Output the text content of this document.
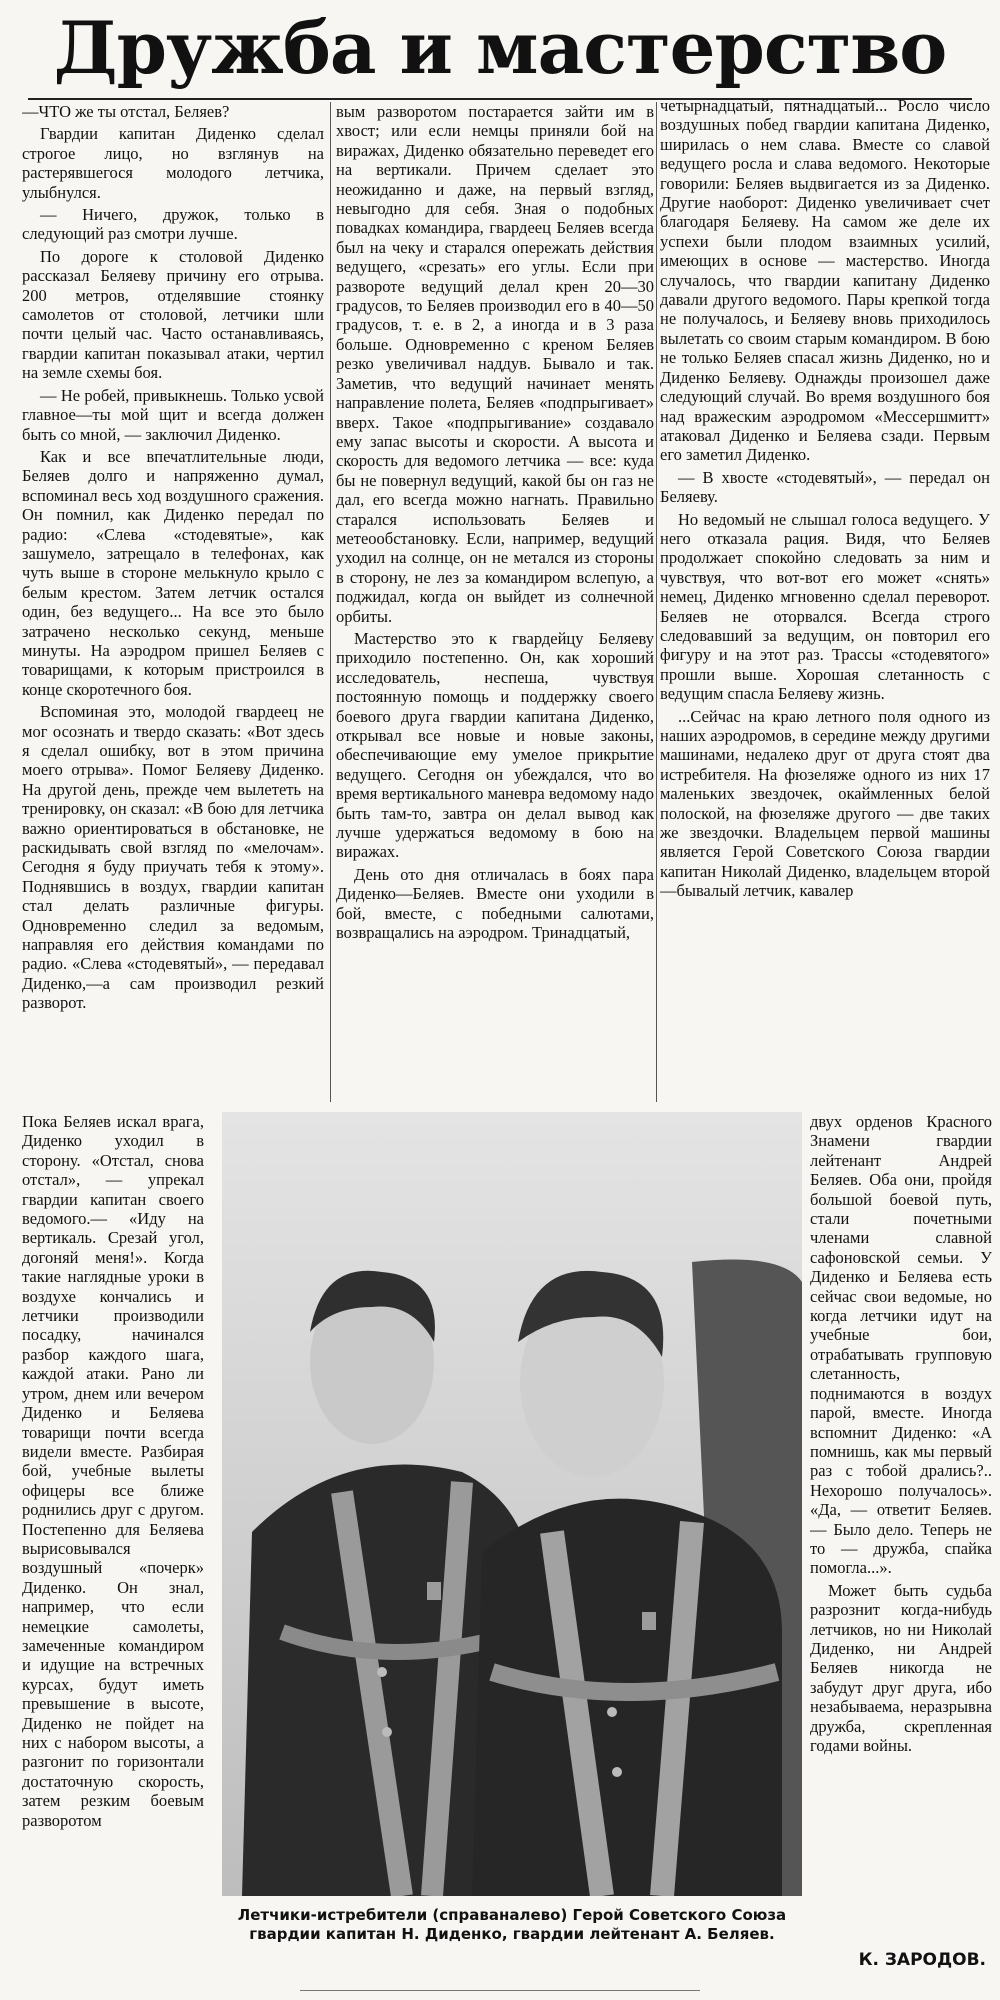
Дружба и мастерство

—ЧТО же ты отстал, Беляев?

Гвардии капитан Диденко сделал строгое лицо, но взглянув на растерявшегося молодого летчика, улыбнулся.

— Ничего, дружок, только в следующий раз смотри лучше.

По дороге к столовой Диденко рассказал Беляеву причину его отрыва. 200 метров, отделявшие стоянку самолетов от столовой, летчики шли почти целый час. Часто останавливаясь, гвардии капитан показывал атаки, чертил на земле схемы боя.

— Не робей, привыкнешь. Только усвой главное—ты мой щит и всегда должен быть со мной, — заключил Диденко.

Как и все впечатлительные люди, Беляев долго и напряженно думал, вспоминал весь ход воздушного сражения. Он помнил, как Диденко передал по радио: «Слева «стодевятые», как зашумело, затрещало в телефонах, как чуть выше в стороне мелькнуло крыло с белым крестом. Затем летчик остался один, без ведущего... На все это было затрачено несколько секунд, меньше минуты. На аэродром пришел Беляев с товарищами, к которым пристроился в конце скоротечного боя.

Вспоминая это, молодой гвардеец не мог осознать и твердо сказать: «Вот здесь я сделал ошибку, вот в этом причина моего отрыва». Помог Беляеву Диденко. На другой день, прежде чем вылететь на тренировку, он сказал: «В бою для летчика важно ориентироваться в обстановке, не раскидывать свой взгляд по «мелочам». Сегодня я буду приучать тебя к этому». Поднявшись в воздух, гвардии капитан стал делать различные фигуры. Одновременно следил за ведомым, направляя его действия командами по радио. «Слева «стодевятый», — передавал Диденко,—а сам производил резкий разворот.

Пока Беляев искал врага, Диденко уходил в сторону. «Отстал, снова отстал», — упрекал гвардии капитан своего ведомого.— «Иду на вертикаль. Срезай угол, догоняй меня!». Когда такие наглядные уроки в воздухе кончались и летчики производили посадку, начинался разбор каждого шага, каждой атаки. Рано ли утром, днем или вечером Диденко и Беляева товарищи почти всегда видели вместе. Разбирая бой, учебные вылеты офицеры все ближе роднились друг с другом. Постепенно для Беляева вырисовывался воздушный «почерк» Диденко. Он знал, например, что если немецкие самолеты, замеченные командиром и идущие на встречных курсах, будут иметь превышение в высоте, Диденко не пойдет на них с набором высоты, а разгонит по горизонтали достаточную скорость, затем резким боевым разворотом

вым разворотом постарается зайти им в хвост; или если немцы приняли бой на виражах, Диденко обязательно переведет его на вертикали. Причем сделает это неожиданно и даже, на первый взгляд, невыгодно для себя. Зная о подобных повадках командира, гвардеец Беляев всегда был на чеку и старался опережать действия ведущего, «срезать» его углы. Если при развороте ведущий делал крен 20—30 градусов, то Беляев производил его в 40—50 градусов, т. е. в 2, а иногда и в 3 раза больше. Одновременно с креном Беляев резко увеличивал наддув. Бывало и так. Заметив, что ведущий начинает менять направление полета, Беляев «подпрыгивает» вверх. Такое «подпрыгивание» создавало ему запас высоты и скорости. А высота и скорость для ведомого летчика — все: куда бы не повернул ведущий, какой бы он газ не дал, его всегда можно нагнать. Правильно старался использовать Беляев и метеообстановку. Если, например, ведущий уходил на солнце, он не метался из стороны в сторону, не лез за командиром вслепую, а поджидал, когда он выйдет из солнечной орбиты.

Мастерство это к гвардейцу Беляеву приходило постепенно. Он, как хороший исследователь, неспеша, чувствуя постоянную помощь и поддержку своего боевого друга гвардии капитана Диденко, открывал все новые и новые законы, обеспечивающие ему умелое прикрытие ведущего. Сегодня он убеждался, что во время вертикального маневра ведомому надо быть там-то, завтра он делал вывод как лучше удержаться ведомому в бою на виражах.

День ото дня отличалась в боях пара Диденко—Беляев. Вместе они уходили в бой, вместе, с победными салютами, возвращались на аэродром. Тринадцатый,

четырнадцатый, пятнадцатый... Росло число воздушных побед гвардии капитана Диденко, ширилась о нем слава. Вместе со славой ведущего росла и слава ведомого. Некоторые говорили: Беляев выдвигается из за Диденко. Другие наоборот: Диденко увеличивает счет благодаря Беляеву. На самом же деле их успехи были плодом взаимных усилий, имеющих в основе — мастерство. Иногда случалось, что гвардии капитану Диденко давали другого ведомого. Пары крепкой тогда не получалось, и Беляеву вновь приходилось вылетать со своим старым командиром. В бою не только Беляев спасал жизнь Диденко, но и Диденко Беляеву. Однажды произошел даже следующий случай. Во время воздушного боя над вражеским аэродромом «Мессершмитт» атаковал Диденко и Беляева сзади. Первым его заметил Диденко.

— В хвосте «стодевятый», — передал он Беляеву.

Но ведомый не слышал голоса ведущего. У него отказала рация. Видя, что Беляев продолжает спокойно следовать за ним и чувствуя, что вот-вот его может «снять» немец, Диденко мгновенно сделал переворот. Беляев не оторвался. Всегда строго следовавший за ведущим, он повторил его фигуру и на этот раз. Трассы «стодевятого» прошли выше. Хорошая слетанность с ведущим спасла Беляеву жизнь.

...Сейчас на краю летного поля одного из наших аэродромов, в середине между другими машинами, недалеко друг от друга стоят два истребителя. На фюзеляже одного из них 17 маленьких звездочек, окаймленных белой полоской, на фюзеляже другого — две таких же звездочки. Владельцем первой машины является Герой Советского Союза гвардии капитан Николай Диденко, владельцем второй—бывалый летчик, кавалер

двух орденов Красного Знамени гвардии лейтенант Андрей Беляев. Оба они, пройдя большой боевой путь, стали почетными членами славной сафоновской семьи. У Диденко и Беляева есть сейчас свои ведомые, но когда летчики идут на учебные бои, отрабатывать групповую слетанность, поднимаются в воздух парой, вместе. Иногда вспомнит Диденко: «А помнишь, как мы первый раз с тобой дрались?.. Нехорошо получалось». «Да, — ответит Беляев. — Было дело. Теперь не то — дружба, спайка помогла...».

Может быть судьба разрознит когда-нибудь летчиков, но ни Николай Диденко, ни Андрей Беляев никогда не забудут друг друга, ибо незабываема, неразрывна дружба, скрепленная годами войны.

Летчики-истребители (справаналево) Герой Советского Союза
гвардии капитан Н. Диденко, гвардии лейтенант А. Беляев.
К. ЗАРОДОВ.
